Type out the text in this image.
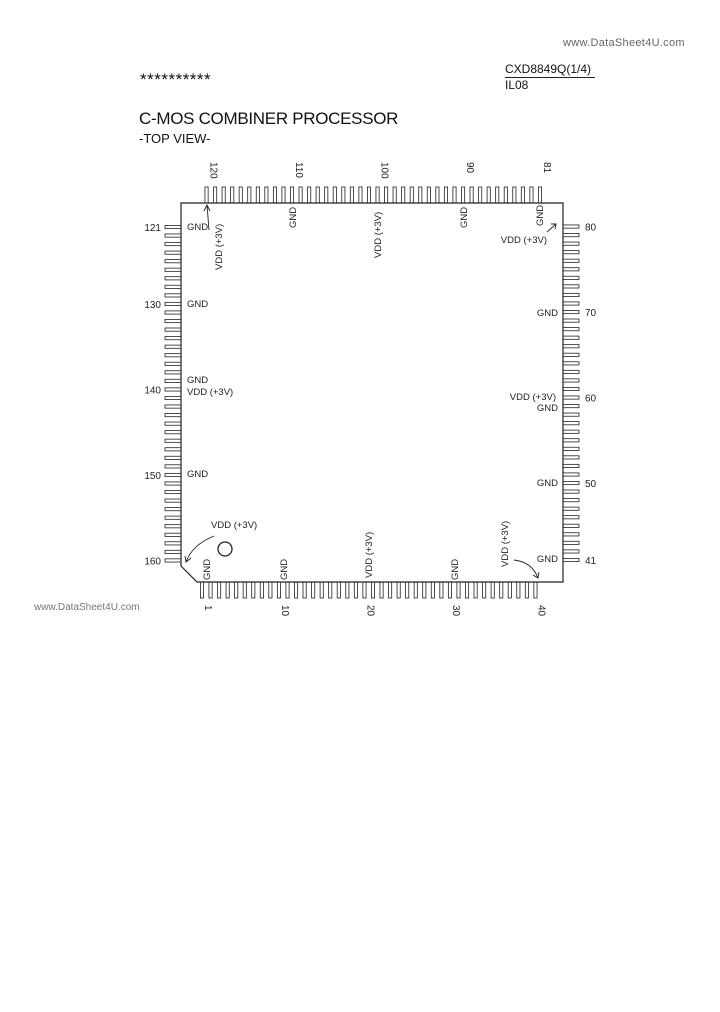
www.DataSheet4U.com
**********
CXD8849Q(1/4)
IL08
C-MOS COMBINER PROCESSOR
-TOP VIEW-
1	10	20	30	40
41
50
60
70
80
81
90
100
110
120
121
130
140
150
160
GND
GND
GND
VDD (+3V)
GND
VDD (+3V)
VDD (+3V)
GND
VDD (+3V)
GND
GND
GND
VDD (+3V)
GND	VDD (+3V)	GND	GND
GND	GND	VDD (+3V)	GND
VDD (+3V)
www.DataSheet4U.com
